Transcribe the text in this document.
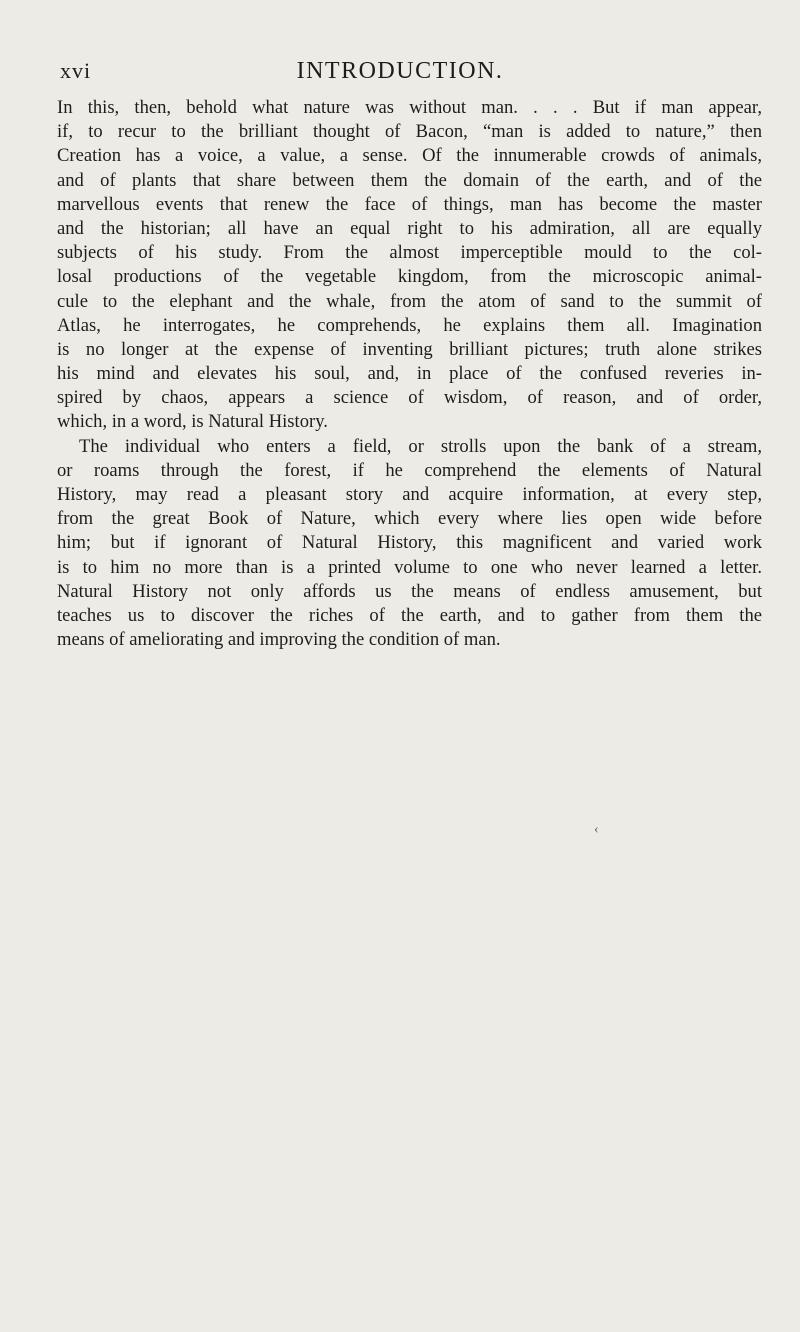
xvi	INTRODUCTION.
In this, then, behold what nature was without man. . . . But if man appear,
if, to recur to the brilliant thought of Bacon, “man is added to nature,” then
Creation has a voice, a value, a sense. Of the innumerable crowds of animals,
and of plants that share between them the domain of the earth, and of the
marvellous events that renew the face of things, man has become the master
and the historian; all have an equal right to his admiration, all are equally
subjects of his study. From the almost imperceptible mould to the col-
losal productions of the vegetable kingdom, from the microscopic animal-
cule to the elephant and the whale, from the atom of sand to the summit of
Atlas, he interrogates, he comprehends, he explains them all. Imagination
is no longer at the expense of inventing brilliant pictures; truth alone strikes
his mind and elevates his soul, and, in place of the confused reveries in-
spired by chaos, appears a science of wisdom, of reason, and of order,
which, in a word, is Natural History.
The individual who enters a field, or strolls upon the bank of a stream,
or roams through the forest, if he comprehend the elements of Natural
History, may read a pleasant story and acquire information, at every step,
from the great Book of Nature, which every where lies open wide before
him; but if ignorant of Natural History, this magnificent and varied work
is to him no more than is a printed volume to one who never learned a letter.
Natural History not only affords us the means of endless amusement, but
teaches us to discover the riches of the earth, and to gather from them the
means of ameliorating and improving the condition of man.
‹
